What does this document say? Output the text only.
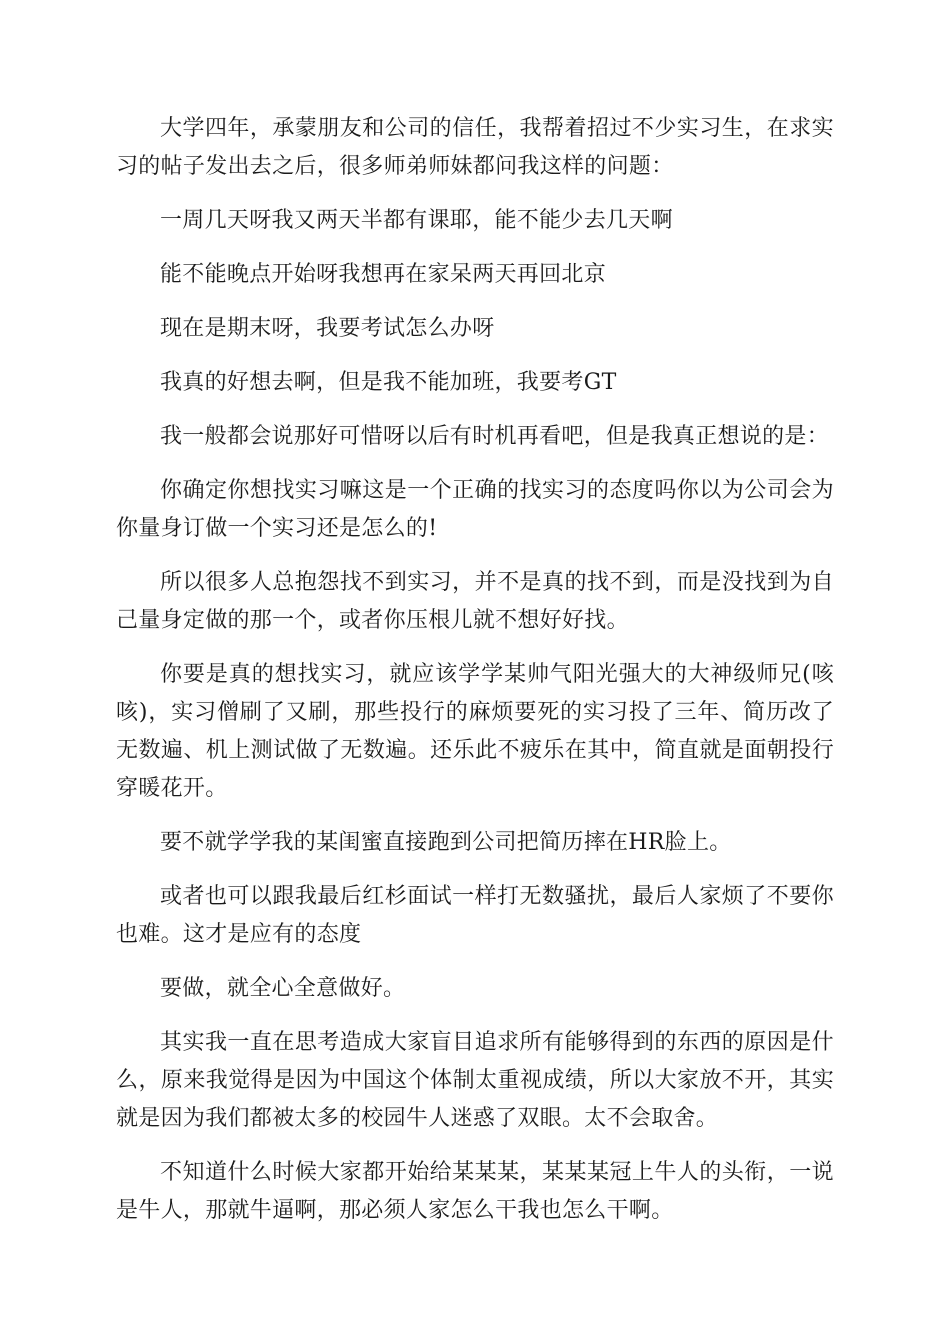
大学四年，承蒙朋友和公司的信任，我帮着招过不少实习生，在求实习的帖子发出去之后，很多师弟师妹都问我这样的问题：

一周几天呀我又两天半都有课耶，能不能少去几天啊

能不能晚点开始呀我想再在家呆两天再回北京

现在是期末呀，我要考试怎么办呀

我真的好想去啊，但是我不能加班，我要考GT

我一般都会说那好可惜呀以后有时机再看吧，但是我真正想说的是：

你确定你想找实习嘛这是一个正确的找实习的态度吗你以为公司会为你量身订做一个实习还是怎么的!

所以很多人总抱怨找不到实习，并不是真的找不到，而是没找到为自己量身定做的那一个，或者你压根儿就不想好好找。

你要是真的想找实习，就应该学学某帅气阳光强大的大神级师兄(咳咳)，实习僧刷了又刷，那些投行的麻烦要死的实习投了三年、简历改了无数遍、机上测试做了无数遍。还乐此不疲乐在其中，简直就是面朝投行穿暖花开。

要不就学学我的某闺蜜直接跑到公司把简历摔在HR脸上。

或者也可以跟我最后红杉面试一样打无数骚扰，最后人家烦了不要你也难。这才是应有的态度

要做，就全心全意做好。

其实我一直在思考造成大家盲目追求所有能够得到的东西的原因是什么，原来我觉得是因为中国这个体制太重视成绩，所以大家放不开，其实就是因为我们都被太多的校园牛人迷惑了双眼。太不会取舍。

不知道什么时候大家都开始给某某某，某某某冠上牛人的头衔，一说是牛人，那就牛逼啊，那必须人家怎么干我也怎么干啊。
